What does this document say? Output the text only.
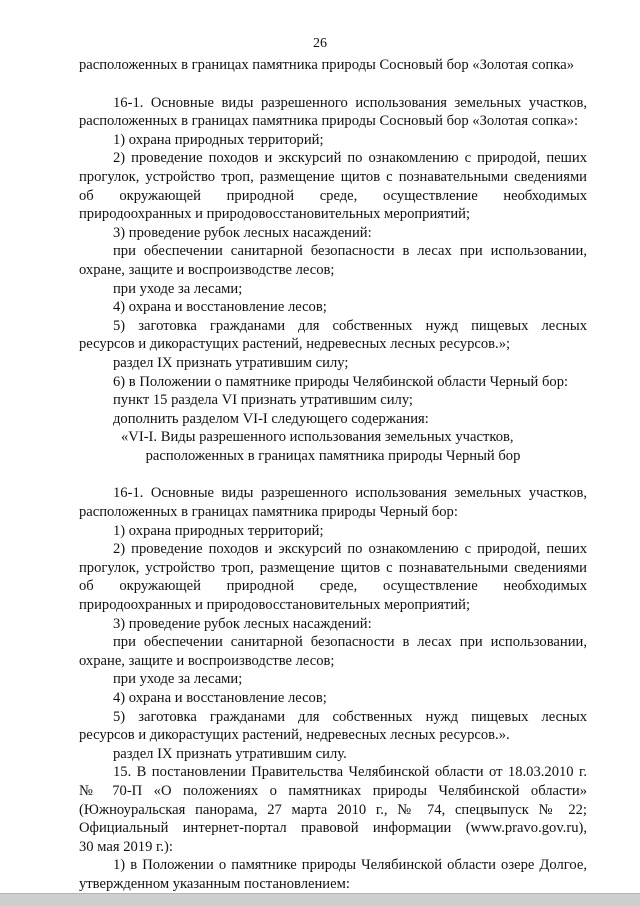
26
расположенных в границах памятника природы Сосновый бор «Золотая сопка»
16-1. Основные виды разрешенного использования земельных участков,
расположенных в границах памятника природы Сосновый бор «Золотая сопка»:
1) охрана природных территорий;
2) проведение походов и экскурсий по ознакомлению с природой, пеших
прогулок, устройство троп, размещение щитов с познавательными сведениями
об окружающей природной среде, осуществление необходимых
природоохранных и природовосстановительных мероприятий;
3) проведение рубок лесных насаждений:
при обеспечении санитарной безопасности в лесах при использовании,
охране, защите и воспроизводстве лесов;
при уходе за лесами;
4) охрана и восстановление лесов;
5) заготовка гражданами для собственных нужд пищевых лесных
ресурсов и дикорастущих растений, недревесных лесных ресурсов.»;
раздел IX признать утратившим силу;
6) в Положении о памятнике природы Челябинской области Черный бор:
пункт 15 раздела VI признать утратившим силу;
дополнить разделом VI-I следующего содержания:
«VI-I. Виды разрешенного использования земельных участков,
расположенных в границах памятника природы Черный бор
16-1. Основные виды разрешенного использования земельных участков,
расположенных в границах памятника природы Черный бор:
1) охрана природных территорий;
2) проведение походов и экскурсий по ознакомлению с природой, пеших
прогулок, устройство троп, размещение щитов с познавательными сведениями
об окружающей природной среде, осуществление необходимых
природоохранных и природовосстановительных мероприятий;
3) проведение рубок лесных насаждений:
при обеспечении санитарной безопасности в лесах при использовании,
охране, защите и воспроизводстве лесов;
при уходе за лесами;
4) охрана и восстановление лесов;
5) заготовка гражданами для собственных нужд пищевых лесных
ресурсов и дикорастущих растений, недревесных лесных ресурсов.».
раздел IX признать утратившим силу.
15. В постановлении Правительства Челябинской области от 18.03.2010 г.
№ 70-П «О положениях о памятниках природы Челябинской области»
(Южноуральская панорама, 27 марта 2010 г., № 74, спецвыпуск № 22;
Официальный интернет-портал правовой информации (www.pravo.gov.ru),
30 мая 2019 г.):
1) в Положении о памятнике природы Челябинской области озере Долгое,
утвержденном указанным постановлением:
